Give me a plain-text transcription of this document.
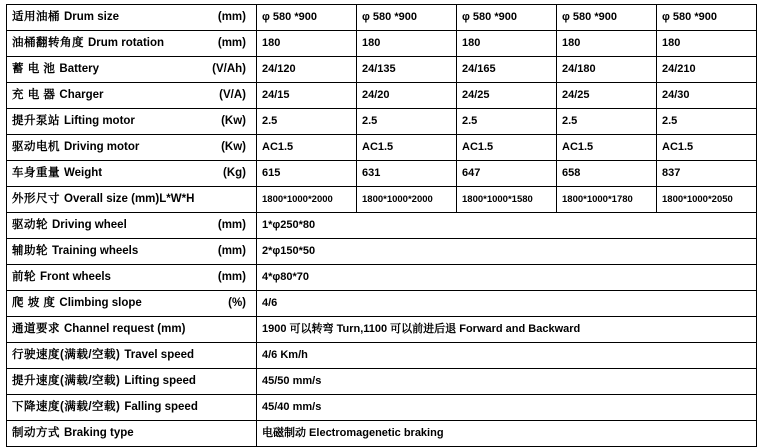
适用油桶 Drum size (mm)	φ 580 *900	φ 580 *900	φ 580 *900	φ 580 *900	φ 580 *900
油桶翻转角度 Drum rotation (mm)	180	180	180	180	180
蓄 电 池 Battery (V/Ah)	24/120	24/135	24/165	24/180	24/210
充 电 器 Charger (V/A)	24/15	24/20	24/25	24/25	24/30
提升泵站 Lifting motor (Kw)	2.5	2.5	2.5	2.5	2.5
驱动电机 Driving motor (Kw)	AC1.5	AC1.5	AC1.5	AC1.5	AC1.5
车身重量 Weight (Kg)	615	631	647	658	837
外形尺寸 Overall size (mm)L*W*H	1800*1000*2000	1800*1000*2000	1800*1000*1580	1800*1000*1780	1800*1000*2050
驱动轮 Driving wheel (mm)	1*φ250*80				
辅助轮 Training wheels (mm)	2*φ150*50				
前轮 Front wheels (mm)	4*φ80*70				
爬 坡 度 Climbing slope (%)	4/6				
通道要求 Channel request (mm)	1900 可以转弯 Turn,1100 可以前进后退 Forward and Backward				
行驶速度(满载/空载) Travel speed	4/6 Km/h				
提升速度(满载/空载) Lifting speed	45/50 mm/s				
下降速度(满载/空载) Falling speed	45/40 mm/s				
制动方式 Braking type	电磁制动 Electromagenetic braking				
